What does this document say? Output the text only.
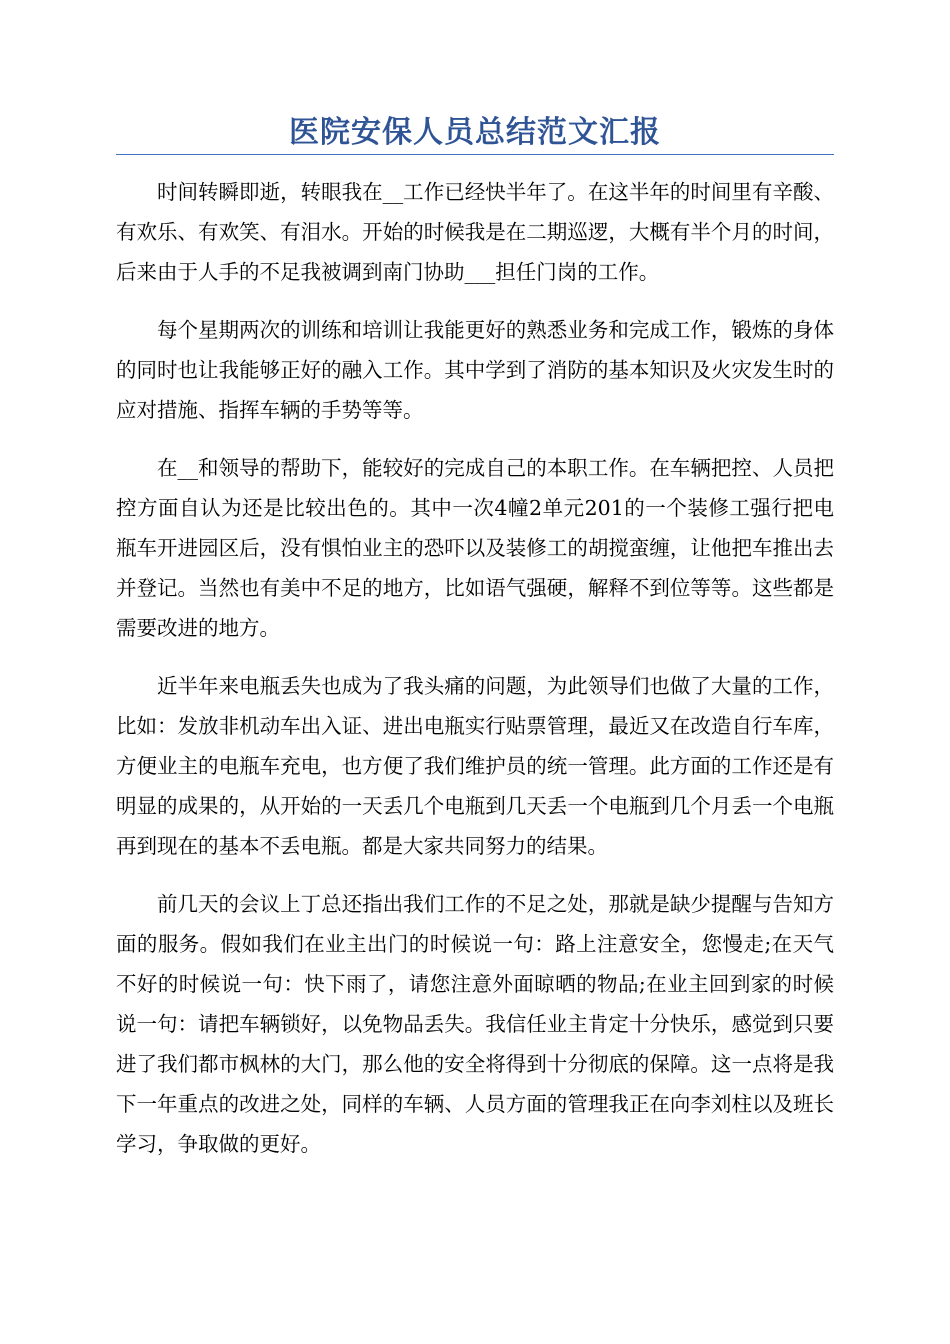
医院安保人员总结范文汇报

时间转瞬即逝，转眼我在__工作已经快半年了。在这半年的时间里有辛酸、有欢乐、有欢笑、有泪水。开始的时候我是在二期巡逻，大概有半个月的时间，后来由于人手的不足我被调到南门协助___担任门岗的工作。

每个星期两次的训练和培训让我能更好的熟悉业务和完成工作，锻炼的身体的同时也让我能够正好的融入工作。其中学到了消防的基本知识及火灾发生时的应对措施、指挥车辆的手势等等。

在__和领导的帮助下，能较好的完成自己的本职工作。在车辆把控、人员把控方面自认为还是比较出色的。其中一次4幢2单元201的一个装修工强行把电瓶车开进园区后，没有惧怕业主的恐吓以及装修工的胡搅蛮缠，让他把车推出去并登记。当然也有美中不足的地方，比如语气强硬，解释不到位等等。这些都是需要改进的地方。

近半年来电瓶丢失也成为了我头痛的问题，为此领导们也做了大量的工作，比如：发放非机动车出入证、进出电瓶实行贴票管理，最近又在改造自行车库，方便业主的电瓶车充电，也方便了我们维护员的统一管理。此方面的工作还是有明显的成果的，从开始的一天丢几个电瓶到几天丢一个电瓶到几个月丢一个电瓶再到现在的基本不丢电瓶。都是大家共同努力的结果。

前几天的会议上丁总还指出我们工作的不足之处，那就是缺少提醒与告知方面的服务。假如我们在业主出门的时候说一句：路上注意安全，您慢走;在天气不好的时候说一句：快下雨了，请您注意外面晾晒的物品;在业主回到家的时候说一句：请把车辆锁好，以免物品丢失。我信任业主肯定十分快乐，感觉到只要进了我们都市枫林的大门，那么他的安全将得到十分彻底的保障。这一点将是我下一年重点的改进之处，同样的车辆、人员方面的管理我正在向李刘柱以及班长学习，争取做的更好。
